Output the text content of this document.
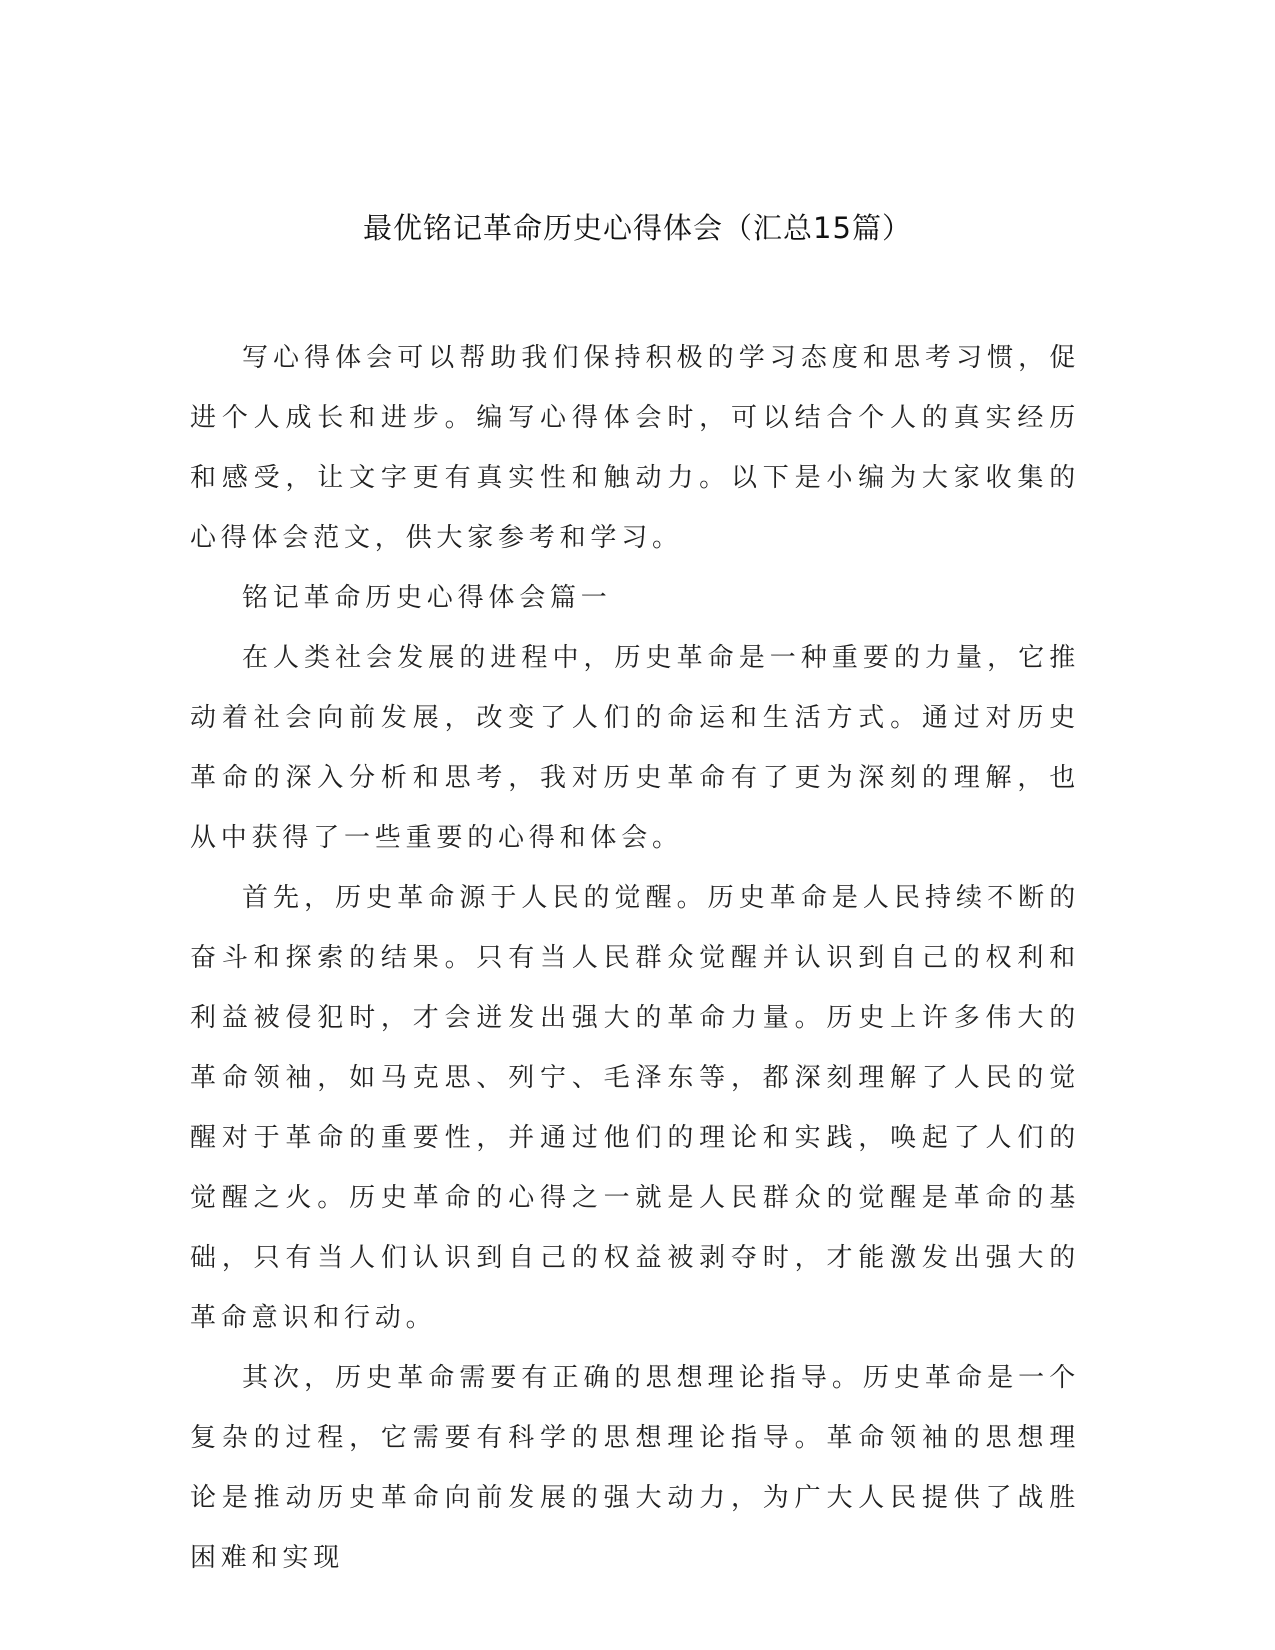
最优铭记革命历史心得体会（汇总15篇）

写心得体会可以帮助我们保持积极的学习态度和思考习惯，促进个人成长和进步。编写心得体会时，可以结合个人的真实经历和感受，让文字更有真实性和触动力。以下是小编为大家收集的心得体会范文，供大家参考和学习。

铭记革命历史心得体会篇一

在人类社会发展的进程中，历史革命是一种重要的力量，它推动着社会向前发展，改变了人们的命运和生活方式。通过对历史革命的深入分析和思考，我对历史革命有了更为深刻的理解，也从中获得了一些重要的心得和体会。

首先，历史革命源于人民的觉醒。历史革命是人民持续不断的奋斗和探索的结果。只有当人民群众觉醒并认识到自己的权利和利益被侵犯时，才会迸发出强大的革命力量。历史上许多伟大的革命领袖，如马克思、列宁、毛泽东等，都深刻理解了人民的觉醒对于革命的重要性，并通过他们的理论和实践，唤起了人们的觉醒之火。历史革命的心得之一就是人民群众的觉醒是革命的基础，只有当人们认识到自己的权益被剥夺时，才能激发出强大的革命意识和行动。

其次，历史革命需要有正确的思想理论指导。历史革命是一个复杂的过程，它需要有科学的思想理论指导。革命领袖的思想理论是推动历史革命向前发展的强大动力，为广大人民提供了战胜困难和实现
